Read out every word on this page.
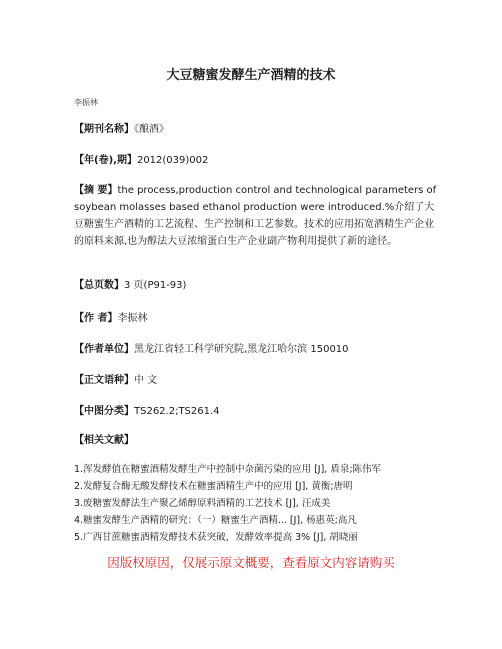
大豆糖蜜发酵生产酒精的技术
李振林
【期刊名称】《酿酒》
【年(卷),期】2012(039)002
【摘 要】the process,production control and technological parameters of soybean molasses based ethanol production were introduced.%介绍了大豆糖蜜生产酒精的工艺流程、生产控制和工艺参数。技术的应用拓宽酒精生产企业的原料来源,也为醇法大豆浓缩蛋白生产企业副产物利用提供了新的途径。
【总页数】3 页(P91-93)
【作 者】李振林
【作者单位】黑龙江省轻工科学研究院,黑龙江哈尔滨 150010
【正文语种】中 文
【中图分类】TS262.2;TS261.4
【相关文献】
1.浑发酵值在糖蜜酒精发酵生产中控制中杂菌污染的应用 [J], 盾泉;陈伟军
2.发酵复合酶无酸发酵技术在糖蜜酒精生产中的应用 [J], 黄衡;唐明
3.废糖蜜发酵法生产聚乙烯醇原料酒精的工艺技术 [J], 汪成美
4.糖蜜发酵生产酒精的研究：（一）糖蜜生产酒精... [J], 杨惠英;高凡
5.广西甘蔗糖蜜酒精发酵技术获突破，发酵效率提高 3% [J], 胡晓丽
因版权原因，仅展示原文概要，查看原文内容请购买
